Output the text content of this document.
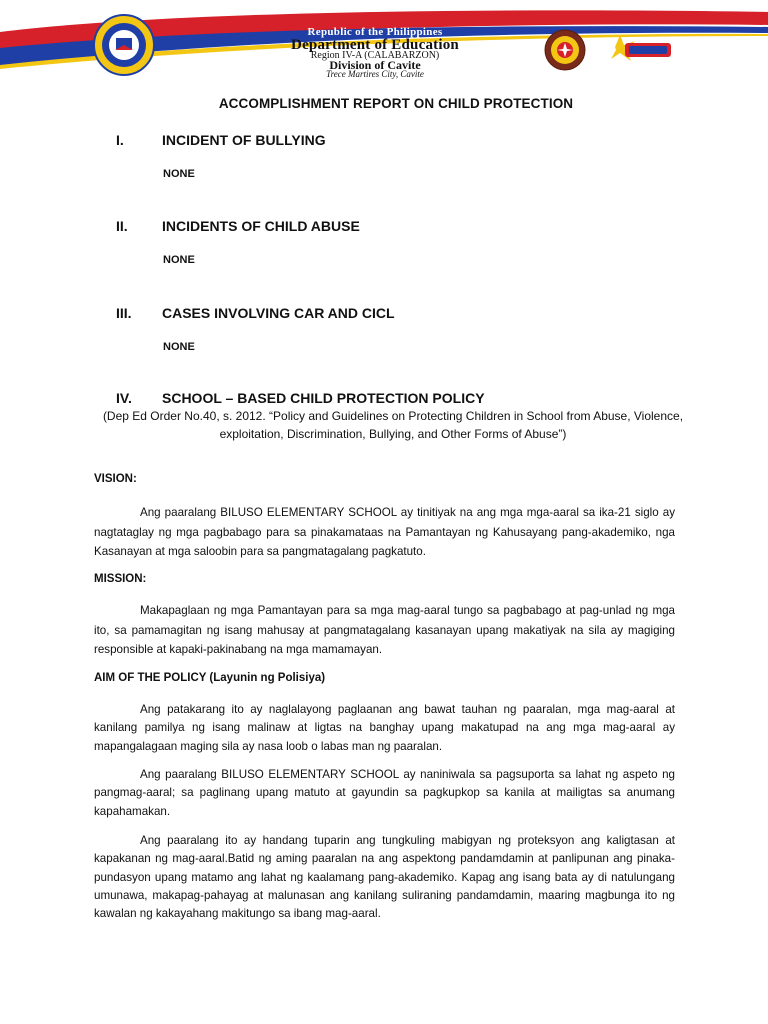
Republic of the Philippines
Department of Education
Region IV-A (CALABARZON)
Division of Cavite
Trece Martires City, Cavite
ACCOMPLISHMENT REPORT ON CHILD PROTECTION
I.	INCIDENT OF BULLYING
NONE
II. INCIDENTS OF CHILD ABUSE
NONE
III. CASES INVOLVING CAR AND CICL
NONE
IV. SCHOOL – BASED CHILD PROTECTION POLICY
(Dep Ed Order No.40, s. 2012. “Policy and Guidelines on Protecting Children in School from Abuse, Violence, exploitation, Discrimination, Bullying, and Other Forms of Abuse”)
VISION:

Ang paaralang BILUSO ELEMENTARY SCHOOL ay tinitiyak na ang mga mga-aaral sa ika-21 siglo ay nagtataglay ng mga pagbabago para sa pinakamataas na Pamantayan ng Kahusayang pang-akademiko, nga Kasanayan at mga saloobin para sa pangmatagalang pagkatuto.

MISSION:

Makapaglaan ng mga Pamantayan para sa mga mag-aaral tungo sa pagbabago at pag-unlad ng mga ito, sa pamamagitan ng isang mahusay at pangmatagalang kasanayan upang makatiyak na sila ay magiging responsible at kapaki-pakinabang na mga mamamayan.

AIM OF THE POLICY (Layunin ng Polisiya)

Ang patakarang ito ay naglalayong paglaanan ang bawat tauhan ng paaralan, mga mag-aaral at kanilang pamilya ng isang malinaw at ligtas na banghay upang makatupad na ang mga mag-aaral ay mapangalagaan maging sila ay nasa loob o labas man ng paaralan.

Ang paaralang BILUSO ELEMENTARY SCHOOL ay naniniwala sa pagsuporta sa lahat ng aspeto ng pangmag-aaral; sa paglinang upang matuto at gayundin sa pagkupkop sa kanila at mailigtas sa anumang kapahamakan.

Ang paaralang ito ay handang tuparin ang tungkuling mabigyan ng proteksyon ang kaligtasan at kapakanan ng mag-aaral.Batid ng aming paaralan na ang aspektong pandamdamin at panlipunan ang pinaka-pundasyon upang matamo ang lahat ng kaalamang pang-akademiko. Kapag ang isang bata ay di natulungang umunawa, makapag-pahayag at malunasan ang kanilang suliraning pandamdamin, maaring magbunga ito ng kawalan ng kakayahang makitungo sa ibang mag-aaral.
